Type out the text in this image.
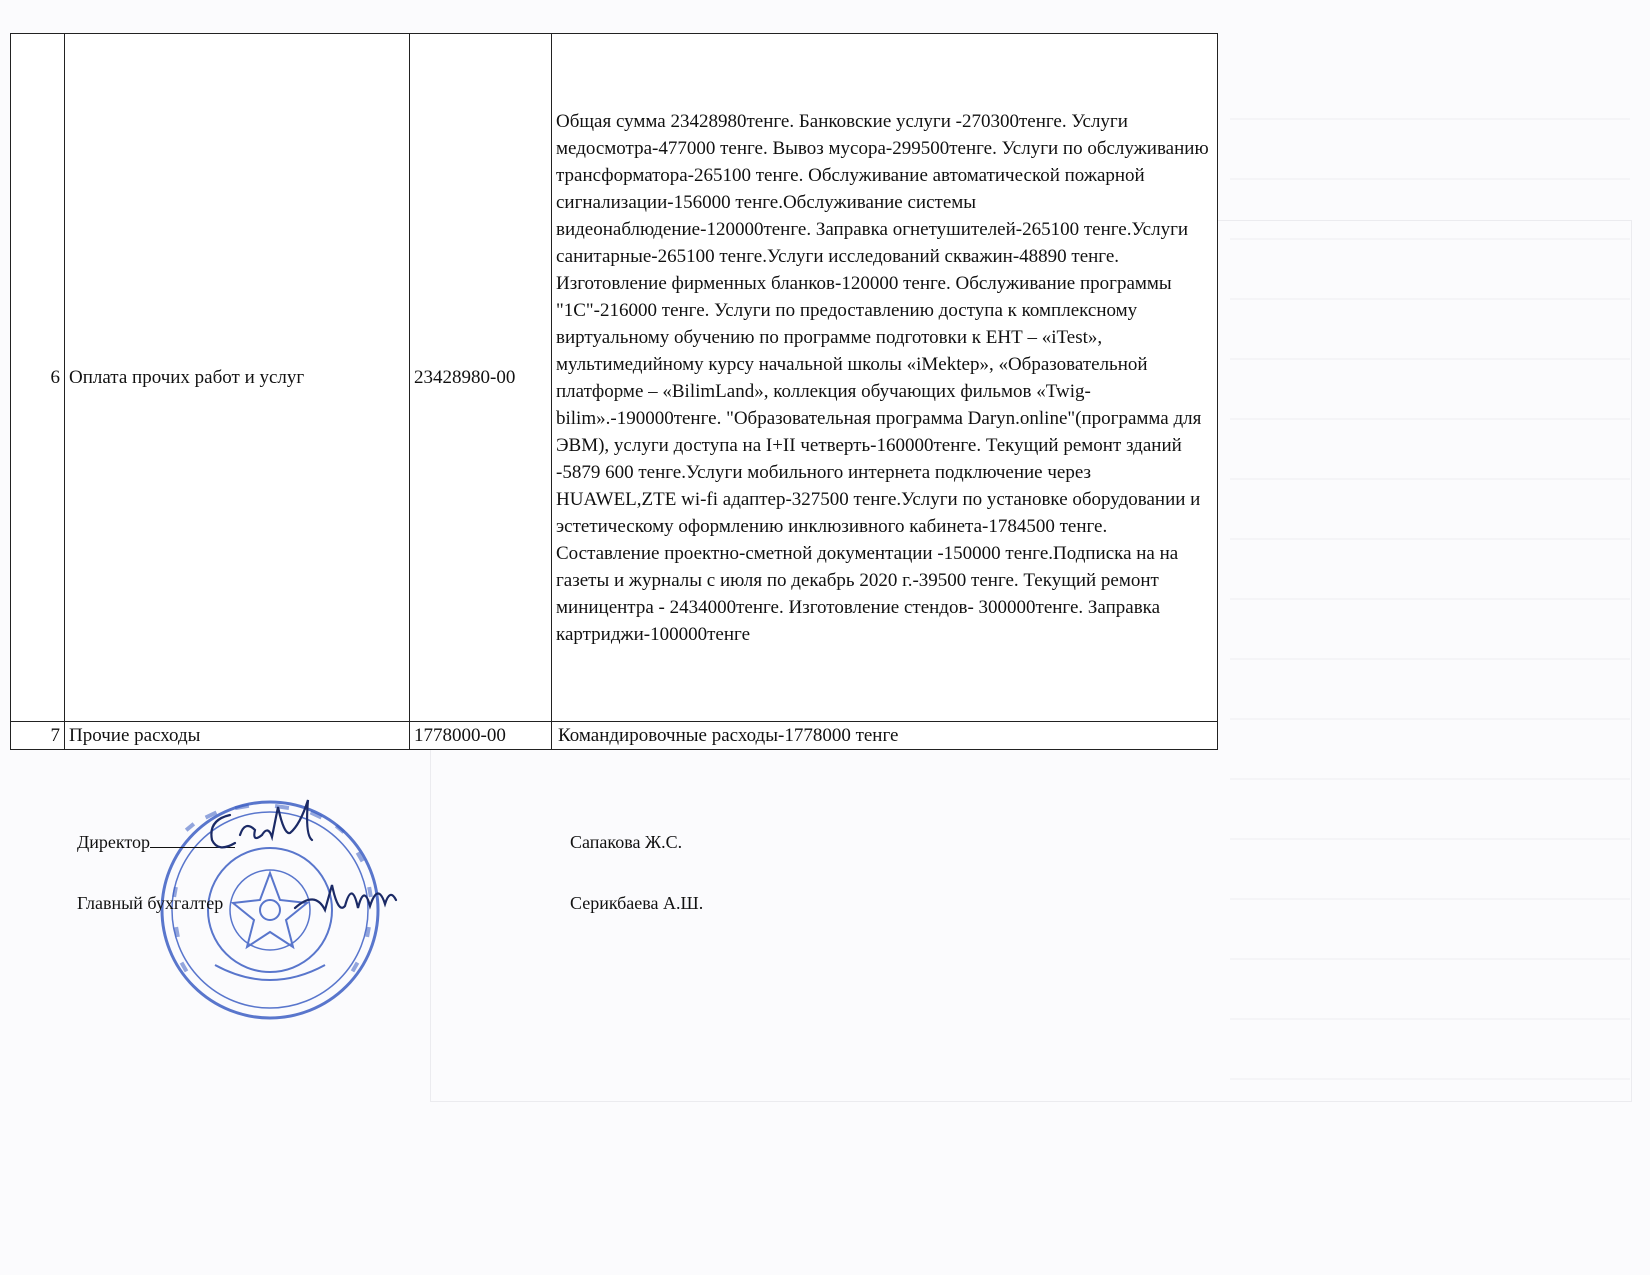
6	Оплата прочих работ и услуг	23428980-00	Общая сумма 23428980тенге. Банковские услуги -270300тенге. Услуги медосмотра-477000 тенге. Вывоз мусора-299500тенге. Услуги по обслуживанию трансформатора-265100 тенге. Обслуживание автоматической пожарной сигнализации-156000 тенге.Обслуживание системы видеонаблюдение-120000тенге. Заправка огнетушителей-265100 тенге.Услуги санитарные-265100 тенге.Услуги исследований скважин-48890 тенге. Изготовление фирменных бланков-120000 тенге. Обслуживание программы "1С"-216000 тенге. Услуги по предоставлению доступа к комплексному виртуальному обучению по программе подготовки к ЕНТ – «iTest», мультимедийному курсу начальной школы «iMektep», «Образовательной платформе – «BilimLand», коллекция обучающих фильмов «Twig-bilim».-190000тенге. "Образовательная программа Daryn.online"(программа для ЭВМ), услуги доступа на I+II четверть-160000тенге. Текущий ремонт зданий -5879 600 тенге.Услуги мобильного интернета подключение через HUAWEL,ZTE wi-fi адаптер-327500 тенге.Услуги по установке оборудовании и эстетическому оформлению инклюзивного кабинета-1784500 тенге. Составление проектно-сметной документации -150000 тенге.Подписка на на газеты и журналы с июля по декабрь 2020 г.-39500 тенге. Текущий ремонт миницентра - 2434000тенге. Изготовление стендов- 300000тенге. Заправка картриджи-100000тенге
7	Прочие расходы	1778000-00	Командировочные расходы-1778000 тенге
Директор	Сапакова Ж.С.
Главный бухгалтер	Серикбаева А.Ш.
